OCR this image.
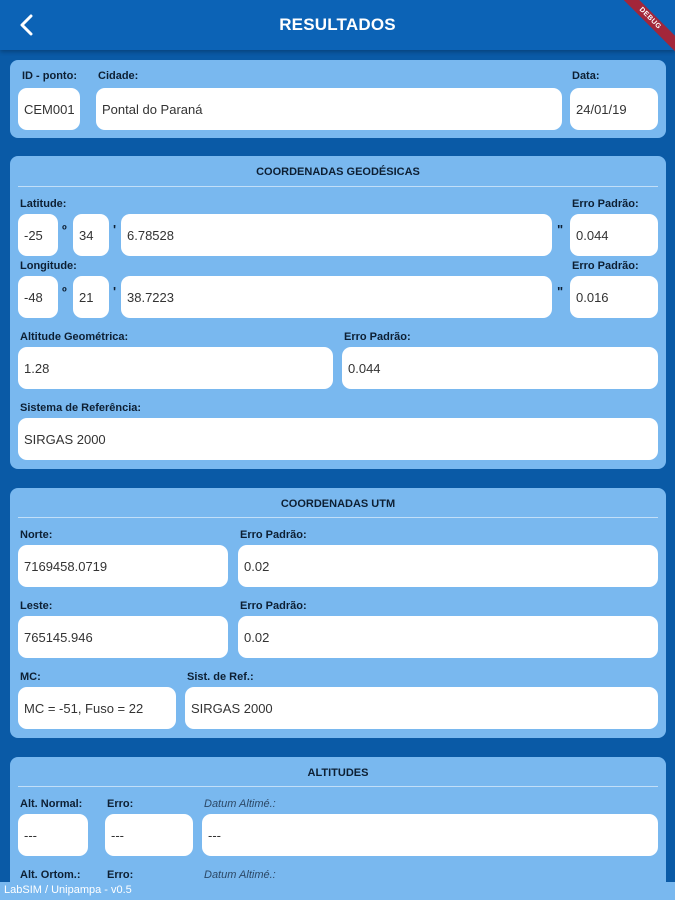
RESULTADOS	DEBUG
ID - ponto:
CEM001
Cidade:
Pontal do Paraná
Data:
24/01/19
COORDENADAS GEODÉSICAS
Latitude:
-25	º 34	' 6.78528	"
Erro Padrão:
0.044
Longitude:
-48	º 21	' 38.7223	"
Erro Padrão:
0.016
Altitude Geométrica:
1.28
Erro Padrão:
0.044
Sistema de Referência:
SIRGAS 2000
COORDENADAS UTM
Norte:
7169458.0719
Erro Padrão:
0.02
Leste:
765145.946
Erro Padrão:
0.02
MC:
MC = -51, Fuso = 22
Sist. de Ref.:
SIRGAS 2000
ALTITUDES
Alt. Normal:
---
Erro:
---
Datum Altimé.:
---
Alt. Ortom.: Erro:	Datum Altimé.:
LabSIM / Unipampa - v0.5
